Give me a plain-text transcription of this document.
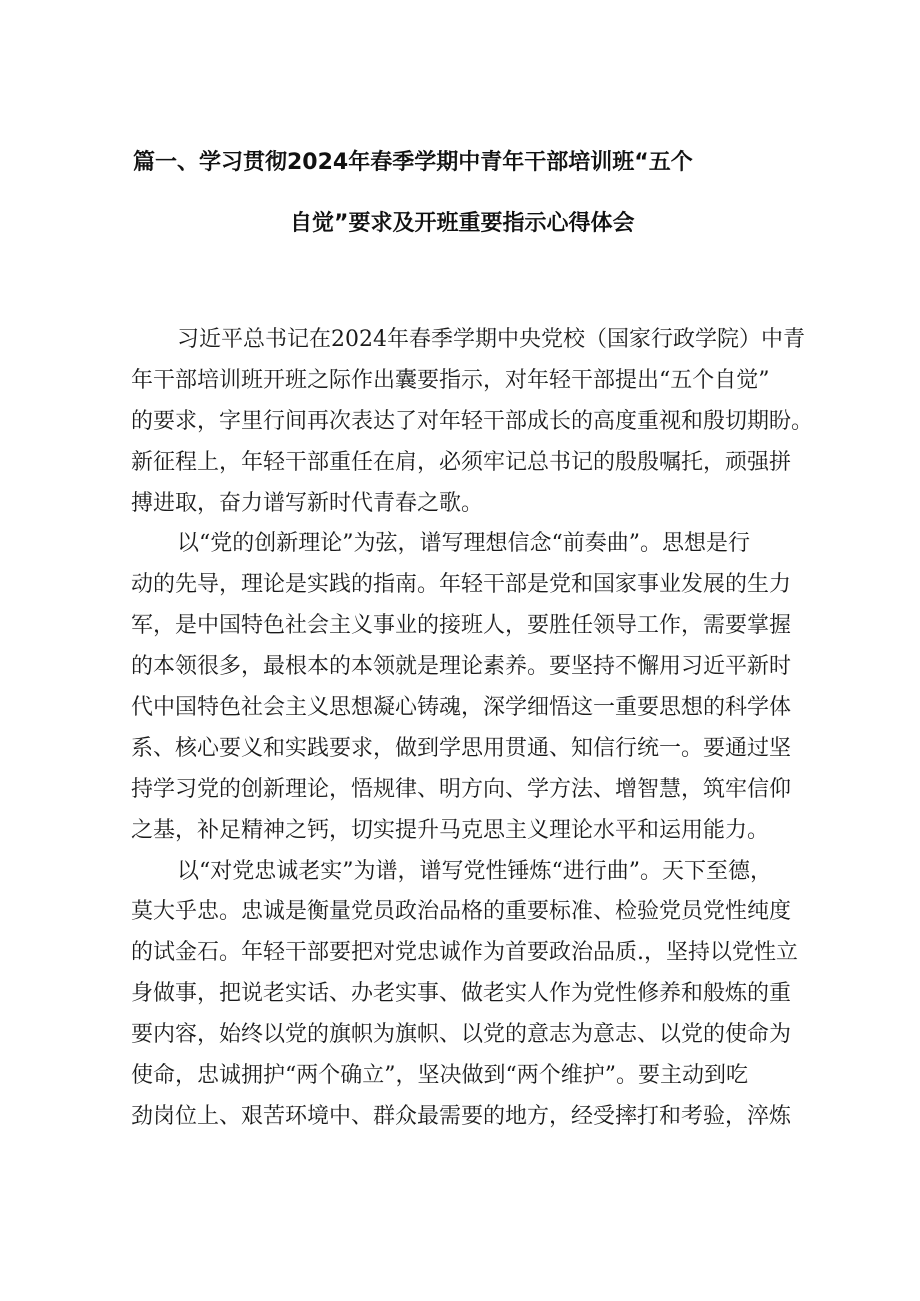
篇一、学习贯彻2024年春季学期中青年干部培训班“五个
自觉”要求及开班重要指示心得体会
习近平总书记在2024年春季学期中央党校（国家行政学院）中青
年干部培训班开班之际作出囊要指示，对年轻干部提出“五个自觉”
的要求，字里行间再次表达了对年轻干部成长的高度重视和殷切期盼。
新征程上，年轻干部重任在肩，必须牢记总书记的殷殷嘱托，顽强拼
搏进取，奋力谱写新时代青春之歌。
以“党的创新理论”为弦，谱写理想信念“前奏曲”。思想是行
动的先导，理论是实践的指南。年轻干部是党和国家事业发展的生力
军，是中国特色社会主义事业的接班人，要胜任领导工作，需要掌握
的本领很多，最根本的本领就是理论素养。要坚持不懈用习近平新时
代中国特色社会主义思想凝心铸魂，深学细悟这一重要思想的科学体
系、核心要义和实践要求，做到学思用贯通、知信行统一。要通过坚
持学习党的创新理论，悟规律、明方向、学方法、增智慧，筑牢信仰
之基，补足精神之钙，切实提升马克思主义理论水平和运用能力。
以“对党忠诚老实”为谱，谱写党性锤炼“进行曲”。天下至德，
莫大乎忠。忠诚是衡量党员政治品格的重要标准、检验党员党性纯度
的试金石。年轻干部要把对党忠诚作为首要政治品质.，坚持以党性立
身做事，把说老实话、办老实事、做老实人作为党性修养和般炼的重
要内容，始终以党的旗帜为旗帜、以党的意志为意志、以党的使命为
使命，忠诚拥护“两个确立”，坚决做到“两个维护”。要主动到吃
劲岗位上、艰苦环境中、群众最需要的地方，经受摔打和考验，淬炼
